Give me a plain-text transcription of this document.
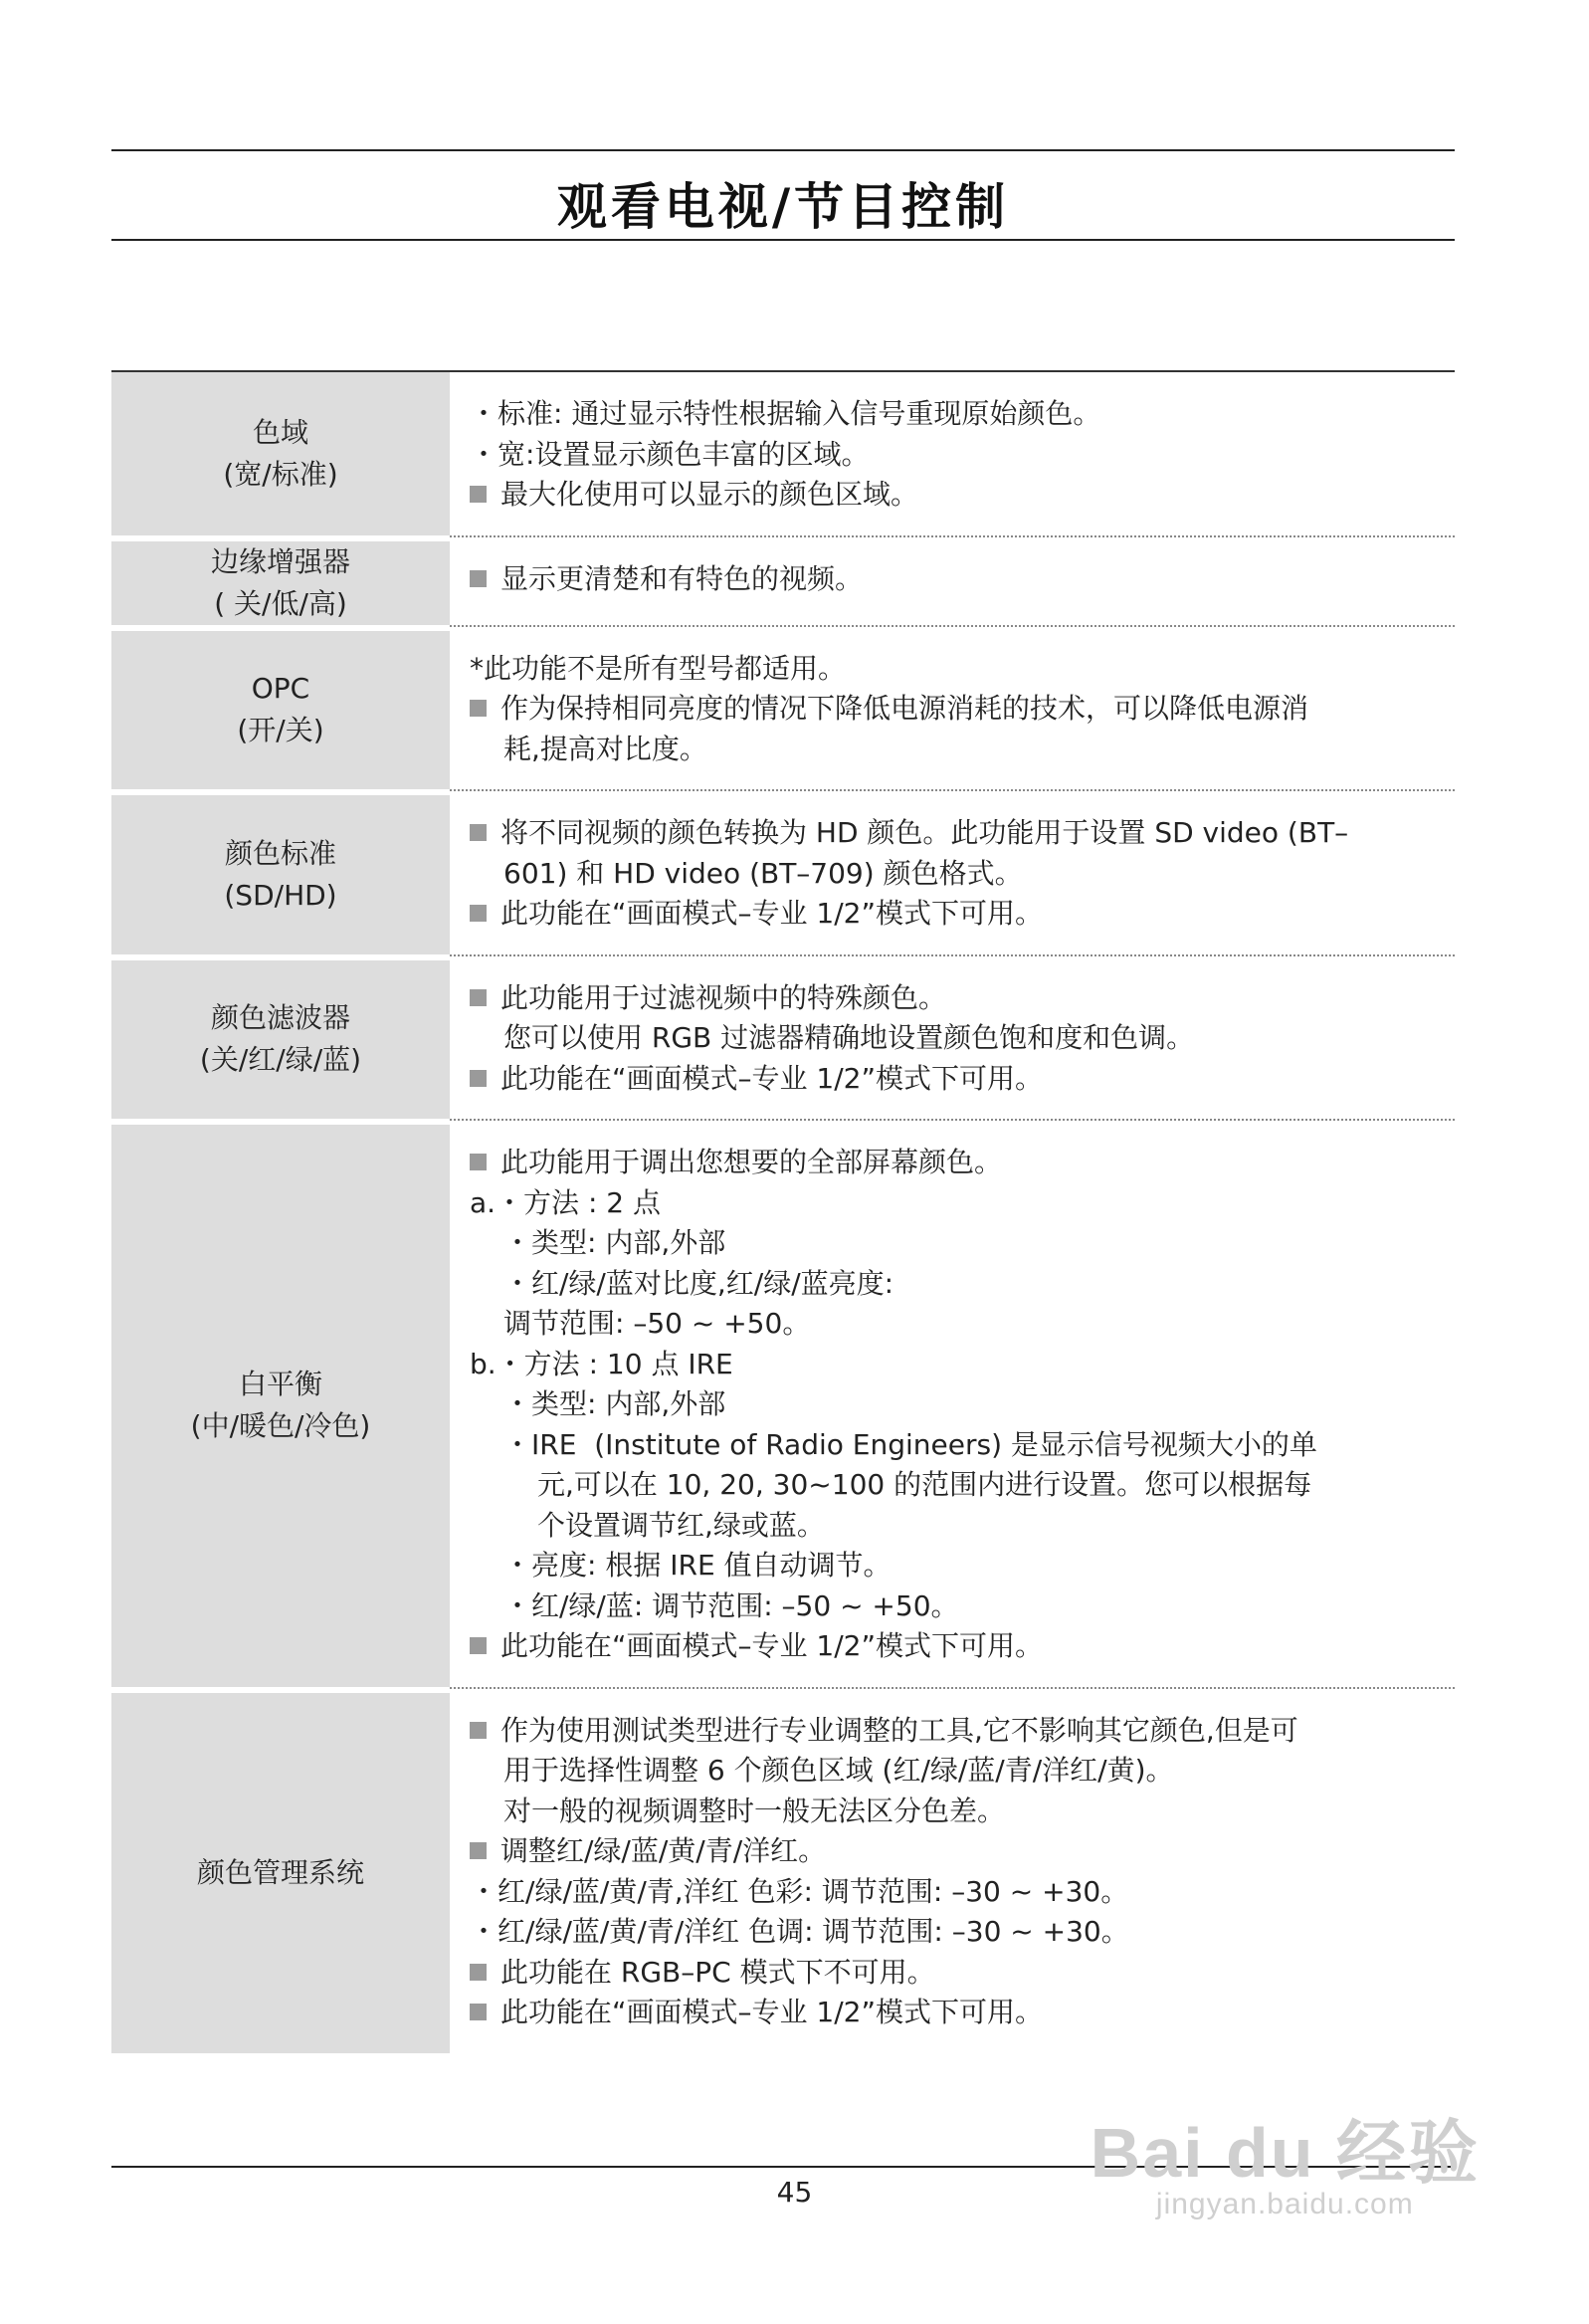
观看电视/节目控制
色域
(宽/标准)
・标准: 通过显示特性根据输入信号重现原始颜色。
・宽:设置显示颜色丰富的区域。
最大化使用可以显示的颜色区域。
边缘增强器
( 关/低/高)
显示更清楚和有特色的视频。
OPC
(开/关)
*此功能不是所有型号都适用。
作为保持相同亮度的情况下降低电源消耗的技术，可以降低电源消
耗,提高对比度。
颜色标准
(SD/HD)
将不同视频的颜色转换为 HD 颜色。此功能用于设置 SD video (BT–
601) 和 HD video (BT–709) 颜色格式。
此功能在“画面模式–专业 1/2”模式下可用。
颜色滤波器
(关/红/绿/蓝)
此功能用于过滤视频中的特殊颜色。
您可以使用 RGB 过滤器精确地设置颜色饱和度和色调。
此功能在“画面模式–专业 1/2”模式下可用。
白平衡
(中/暖色/冷色)
此功能用于调出您想要的全部屏幕颜色。
a.・方法 : 2 点
・类型: 内部,外部
・红/绿/蓝对比度,红/绿/蓝亮度:
调节范围: –50 ~ +50。
b.・方法 : 10 点 IRE
・类型: 内部,外部
・IRE  (Institute of Radio Engineers) 是显示信号视频大小的单
元,可以在 10, 20, 30~100 的范围内进行设置。您可以根据每
个设置调节红,绿或蓝。
・亮度: 根据 IRE 值自动调节。
・红/绿/蓝: 调节范围: –50 ~ +50。
此功能在“画面模式–专业 1/2”模式下可用。
颜色管理系统
作为使用测试类型进行专业调整的工具,它不影响其它颜色,但是可
用于选择性调整 6 个颜色区域 (红/绿/蓝/青/洋红/黄)。
对一般的视频调整时一般无法区分色差。
调整红/绿/蓝/黄/青/洋红。
・红/绿/蓝/黄/青,洋红 色彩: 调节范围: –30 ~ +30。
・红/绿/蓝/黄/青/洋红 色调: 调节范围: –30 ~ +30。
此功能在 RGB–PC 模式下不可用。
此功能在“画面模式–专业 1/2”模式下可用。
45
Bai du 经验
jingyan.baidu.com
